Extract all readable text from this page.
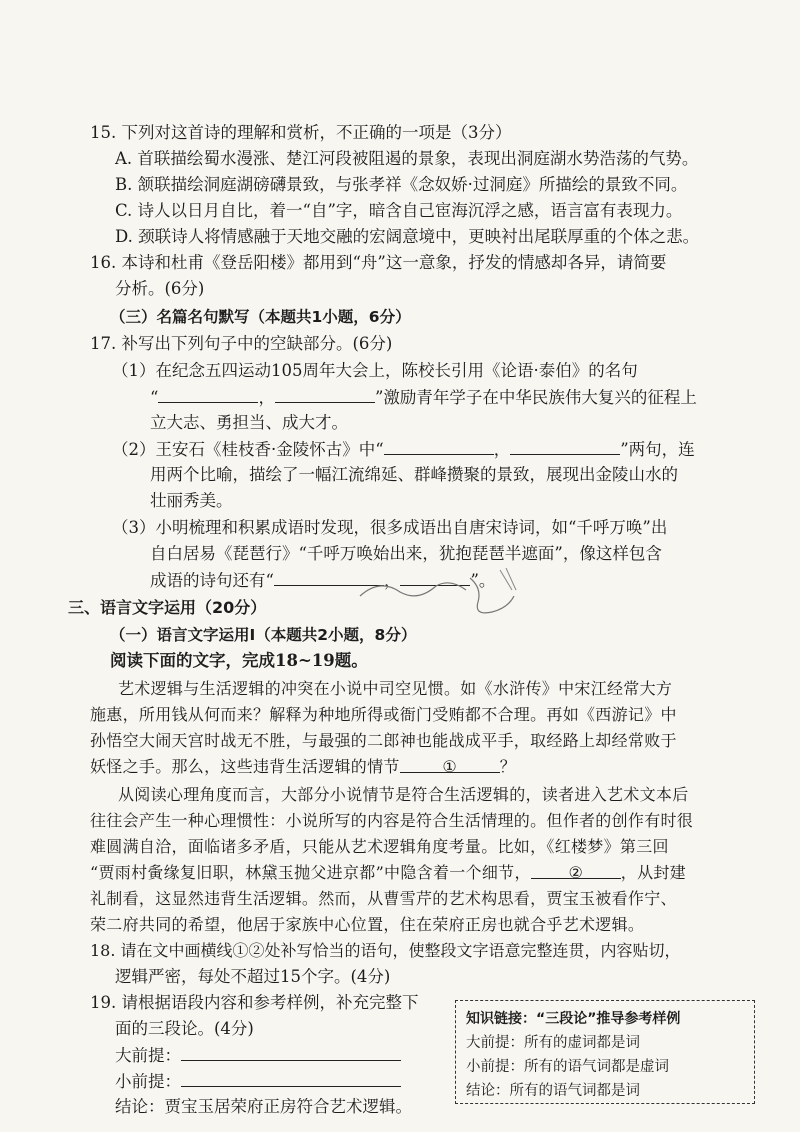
15. 下列对这首诗的理解和赏析，不正确的一项是（3分）
A. 首联描绘蜀水漫涨、楚江河段被阻遏的景象，表现出洞庭湖水势浩荡的气势。
B. 颔联描绘洞庭湖磅礴景致，与张孝祥《念奴娇·过洞庭》所描绘的景致不同。
C. 诗人以日月自比，着一“自”字，暗含自己宦海沉浮之感，语言富有表现力。
D. 颈联诗人将情感融于天地交融的宏阔意境中，更映衬出尾联厚重的个体之悲。
16. 本诗和杜甫《登岳阳楼》都用到“舟”这一意象，抒发的情感却各异，请简要
分析。(6分)
（三）名篇名句默写（本题共1小题，6分）
17. 补写出下列句子中的空缺部分。(6分)
（1）在纪念五四运动105周年大会上，陈校长引用《论语·泰伯》的名句
“	，	”激励青年学子在中华民族伟大复兴的征程上
立大志、勇担当、成大才。
（2）王安石《桂枝香·金陵怀古》中“	，	”两句，连
用两个比喻，描绘了一幅江流绵延、群峰攒聚的景致，展现出金陵山水的
壮丽秀美。
（3）小明梳理和积累成语时发现，很多成语出自唐宋诗词，如“千呼万唤”出
自白居易《琵琶行》“千呼万唤始出来，犹抱琵琶半遮面”，像这样包含
成语的诗句还有“	，	”。
三、语言文字运用（20分）
（一）语言文字运用Ⅰ（本题共2小题，8分）
阅读下面的文字，完成18~19题。
艺术逻辑与生活逻辑的冲突在小说中司空见惯。如《水浒传》中宋江经常大方
施惠，所用钱从何而来？解释为种地所得或衙门受贿都不合理。再如《西游记》中
孙悟空大闹天宫时战无不胜，与最强的二郎神也能战成平手，取经路上却经常败于
妖怪之手。那么，这些违背生活逻辑的情节	①	？
从阅读心理角度而言，大部分小说情节是符合生活逻辑的，读者进入艺术文本后
往往会产生一种心理惯性：小说所写的内容是符合生活情理的。但作者的创作有时很
难圆满自洽，面临诸多矛盾，只能从艺术逻辑角度考量。比如，《红楼梦》第三回
“贾雨村夤缘复旧职，林黛玉抛父进京都”中隐含着一个细节， ② ，从封建
礼制看，这显然违背生活逻辑。然而，从曹雪芹的艺术构思看，贾宝玉被看作宁、
荣二府共同的希望，他居于家族中心位置，住在荣府正房也就合乎艺术逻辑。
18. 请在文中画横线①②处补写恰当的语句，使整段文字语意完整连贯，内容贴切，
逻辑严密，每处不超过15个字。(4分)
19. 请根据语段内容和参考样例，补充完整下
面的三段论。(4分)
大前提：
小前提：
结论：贾宝玉居荣府正房符合艺术逻辑。
知识链接：“三段论”推导参考样例
大前提：所有的虚词都是词
小前提：所有的语气词都是虚词
结论：所有的语气词都是词
